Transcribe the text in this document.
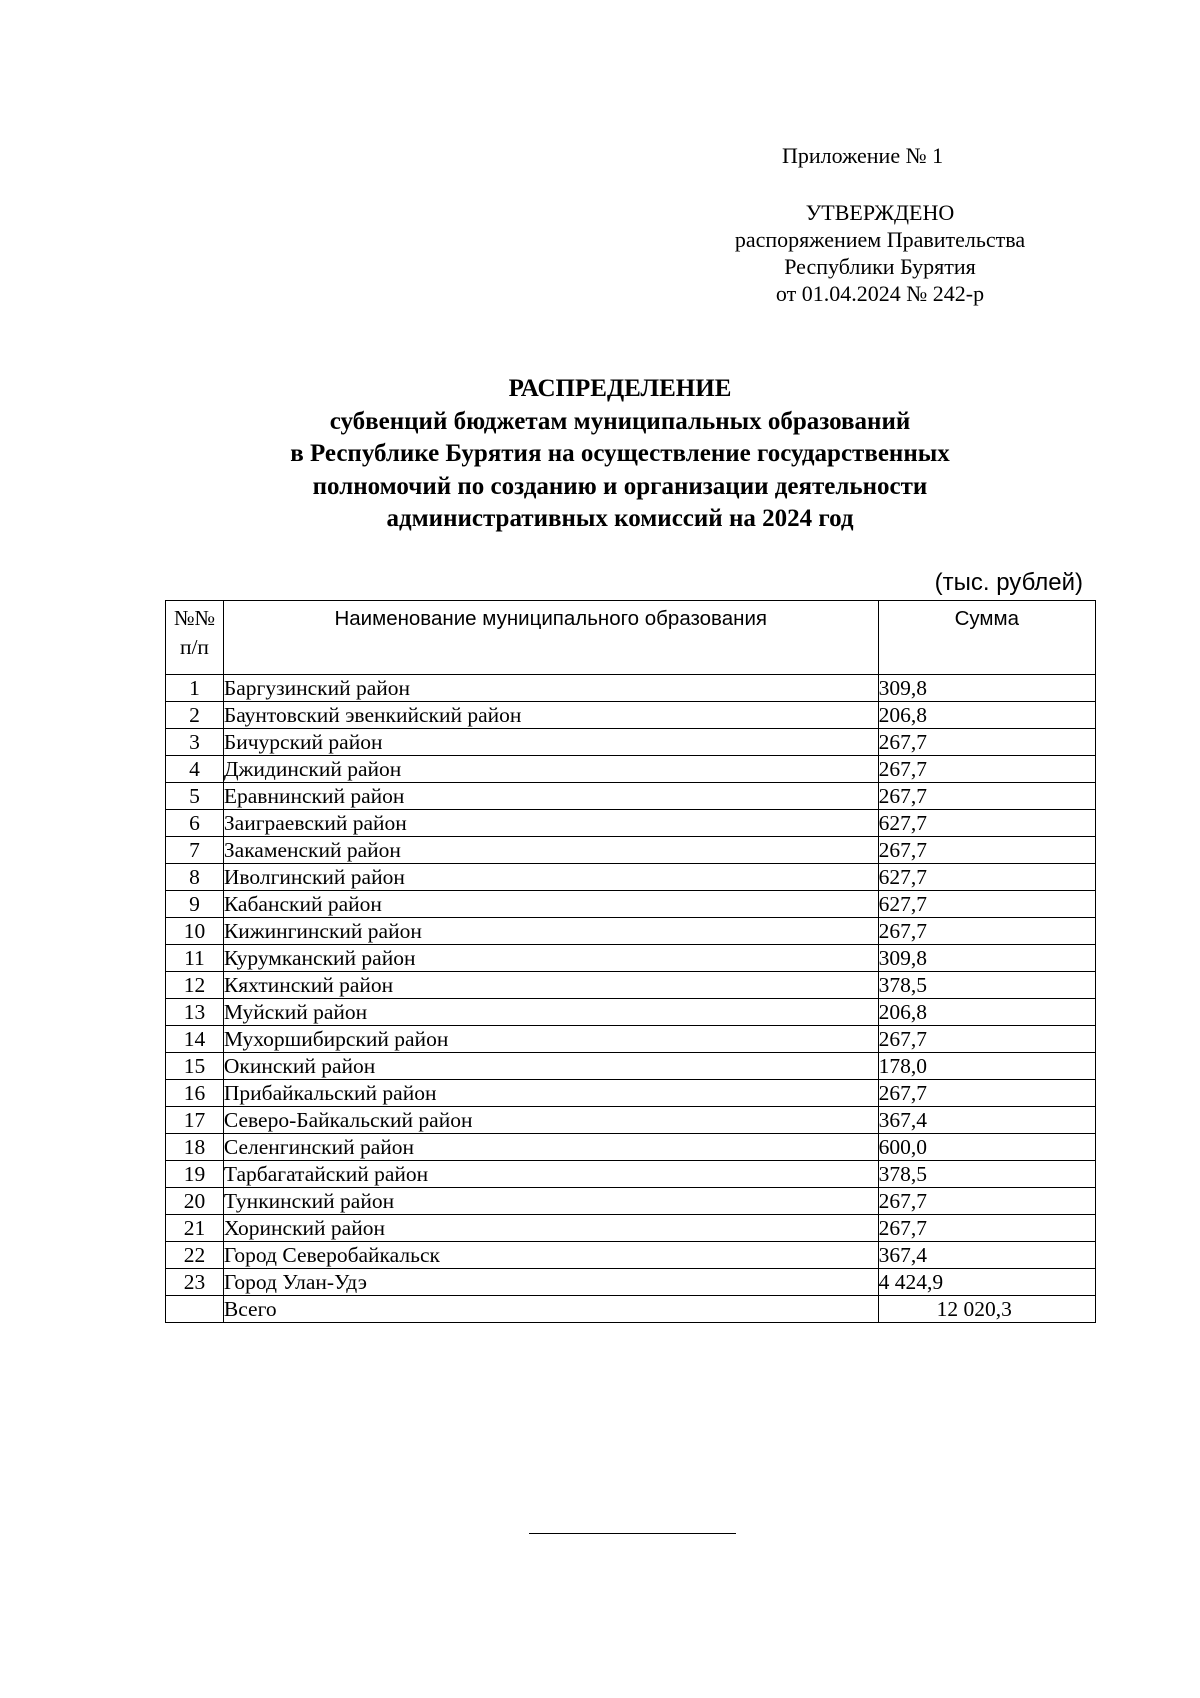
Приложение № 1
УТВЕРЖДЕНО
распоряжением Правительства
Республики Бурятия
от 01.04.2024 № 242-р
РАСПРЕДЕЛЕНИЕ
субвенций бюджетам муниципальных образований
в Республике Бурятия на осуществление государственных
полномочий по созданию и организации деятельности
административных комиссий на 2024 год
(тыс. рублей)
№№
п/п	Наименование муниципального образования	Сумма
1	Баргузинский район	309,8
2	Баунтовский эвенкийский район	206,8
3	Бичурский район	267,7
4	Джидинский район	267,7
5	Еравнинский район	267,7
6	Заиграевский район	627,7
7	Закаменский район	267,7
8	Иволгинский район	627,7
9	Кабанский район	627,7
10	Кижингинский район	267,7
11	Курумканский район	309,8
12	Кяхтинский район	378,5
13	Муйский район	206,8
14	Мухоршибирский район	267,7
15	Окинский район	178,0
16	Прибайкальский район	267,7
17	Северо-Байкальский район	367,4
18	Селенгинский район	600,0
19	Тарбагатайский район	378,5
20	Тункинский район	267,7
21	Хоринский район	267,7
22	Город Северобайкальск	367,4
23	Город Улан-Удэ	4 424,9
	Всего	12 020,3
